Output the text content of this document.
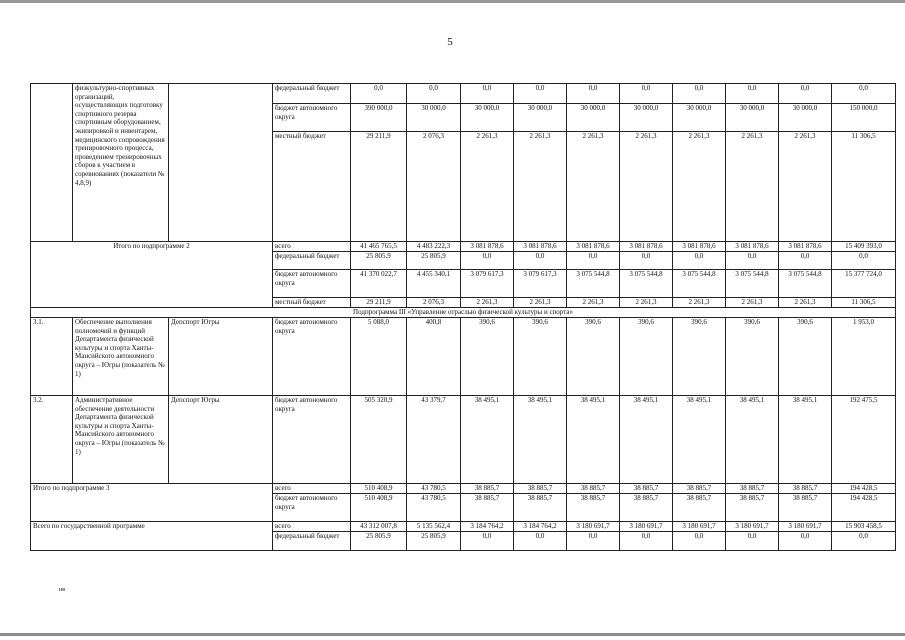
5
	физкультурно-спортивных организаций, осуществляющих подготовку спортивного резерва спортивным оборудованием, экипировкой и инвентарем, медицинского сопровождения тренировочного процесса, проведением тренировочных сборов к участием в соревнованиях (показатели № 4,8,9)		федеральный бюджет	0,0	0,0	0,0	0,0	0,0	0,0	0,0	0,0	0,0	0,0
			бюджет автономного округа	390 000,0	30 000,0	30 000,0	30 000,0	30 000,0	30 000,0	30 000,0	30 000,0	30 000,0	150 000,0
			местный бюджет	29 211,9	2 076,3	2 261,3	2 261,3	2 261,3	2 261,3	2 261,3	2 261,3	2 261,3	11 306,5
Итого по подпрограмме 2			всего	41 465 765,5	4 483 222,3	3 081 878,6	3 081 878,6	3 081 878,6	3 081 878,6	3 081 878,6	3 081 878,6	3 081 878,6	15 409 393,0
			федеральный бюджет	25 805,9	25 805,9	0,0	0,0	0,0	0,0	0,0	0,0	0,0	0,0
			бюджет автономного округа	41 370 022,7	4 455 340,1	3 079 617,3	3 079 617,3	3 075 544,8	3 075 544,8	3 075 544,8	3 075 544,8	3 075 544,8	15 377 724,0
			местный бюджет	29 211,9	2 076,3	2 261,3	2 261,3	2 261,3	2 261,3	2 261,3	2 261,3	2 261,3	11 306,5
Подпрограмма III «Управление отраслью физической культуры и спорта»													
3.1.	Обеспечение выполнения полномочий и функций Департамента физической культуры и спорта Ханты-Мансийского автономного округа – Югры (показатель № 1)	Депспорт Югры	бюджет автономного округа	5 088,0	400,8	390,6	390,6	390,6	390,6	390,6	390,6	390,6	1 953,0
3.2.	Административное обеспечение деятельности Департамента физической культуры и спорта Ханты-Мансийского автономного округа – Югры (показатель № 1)	Депспорт Югры	бюджет автономного округа	505 320,9	43 379,7	38 495,1	38 495,1	38 495,1	38 495,1	38 495,1	38 495,1	38 495,1	192 475,5
Итого по подпрограмме 3			всего	510 408,9	43 780,5	38 885,7	38 885,7	38 885,7	38 885,7	38 885,7	38 885,7	38 885,7	194 428,5
			бюджет автономного округа	510 408,9	43 780,5	38 885,7	38 885,7	38 885,7	38 885,7	38 885,7	38 885,7	38 885,7	194 428,5
Всего по государственной программе			всего	43 312 007,8	5 135 562,4	3 184 764,2	3 184 764,2	3 180 691,7	3 180 691,7	3 180 691,7	3 180 691,7	3 180 691,7	15 903 458,5
			федеральный бюджет	25 805,9	25 805,9	0,0	0,0	0,0	0,0	0,0	0,0	0,0	0,0
нв
